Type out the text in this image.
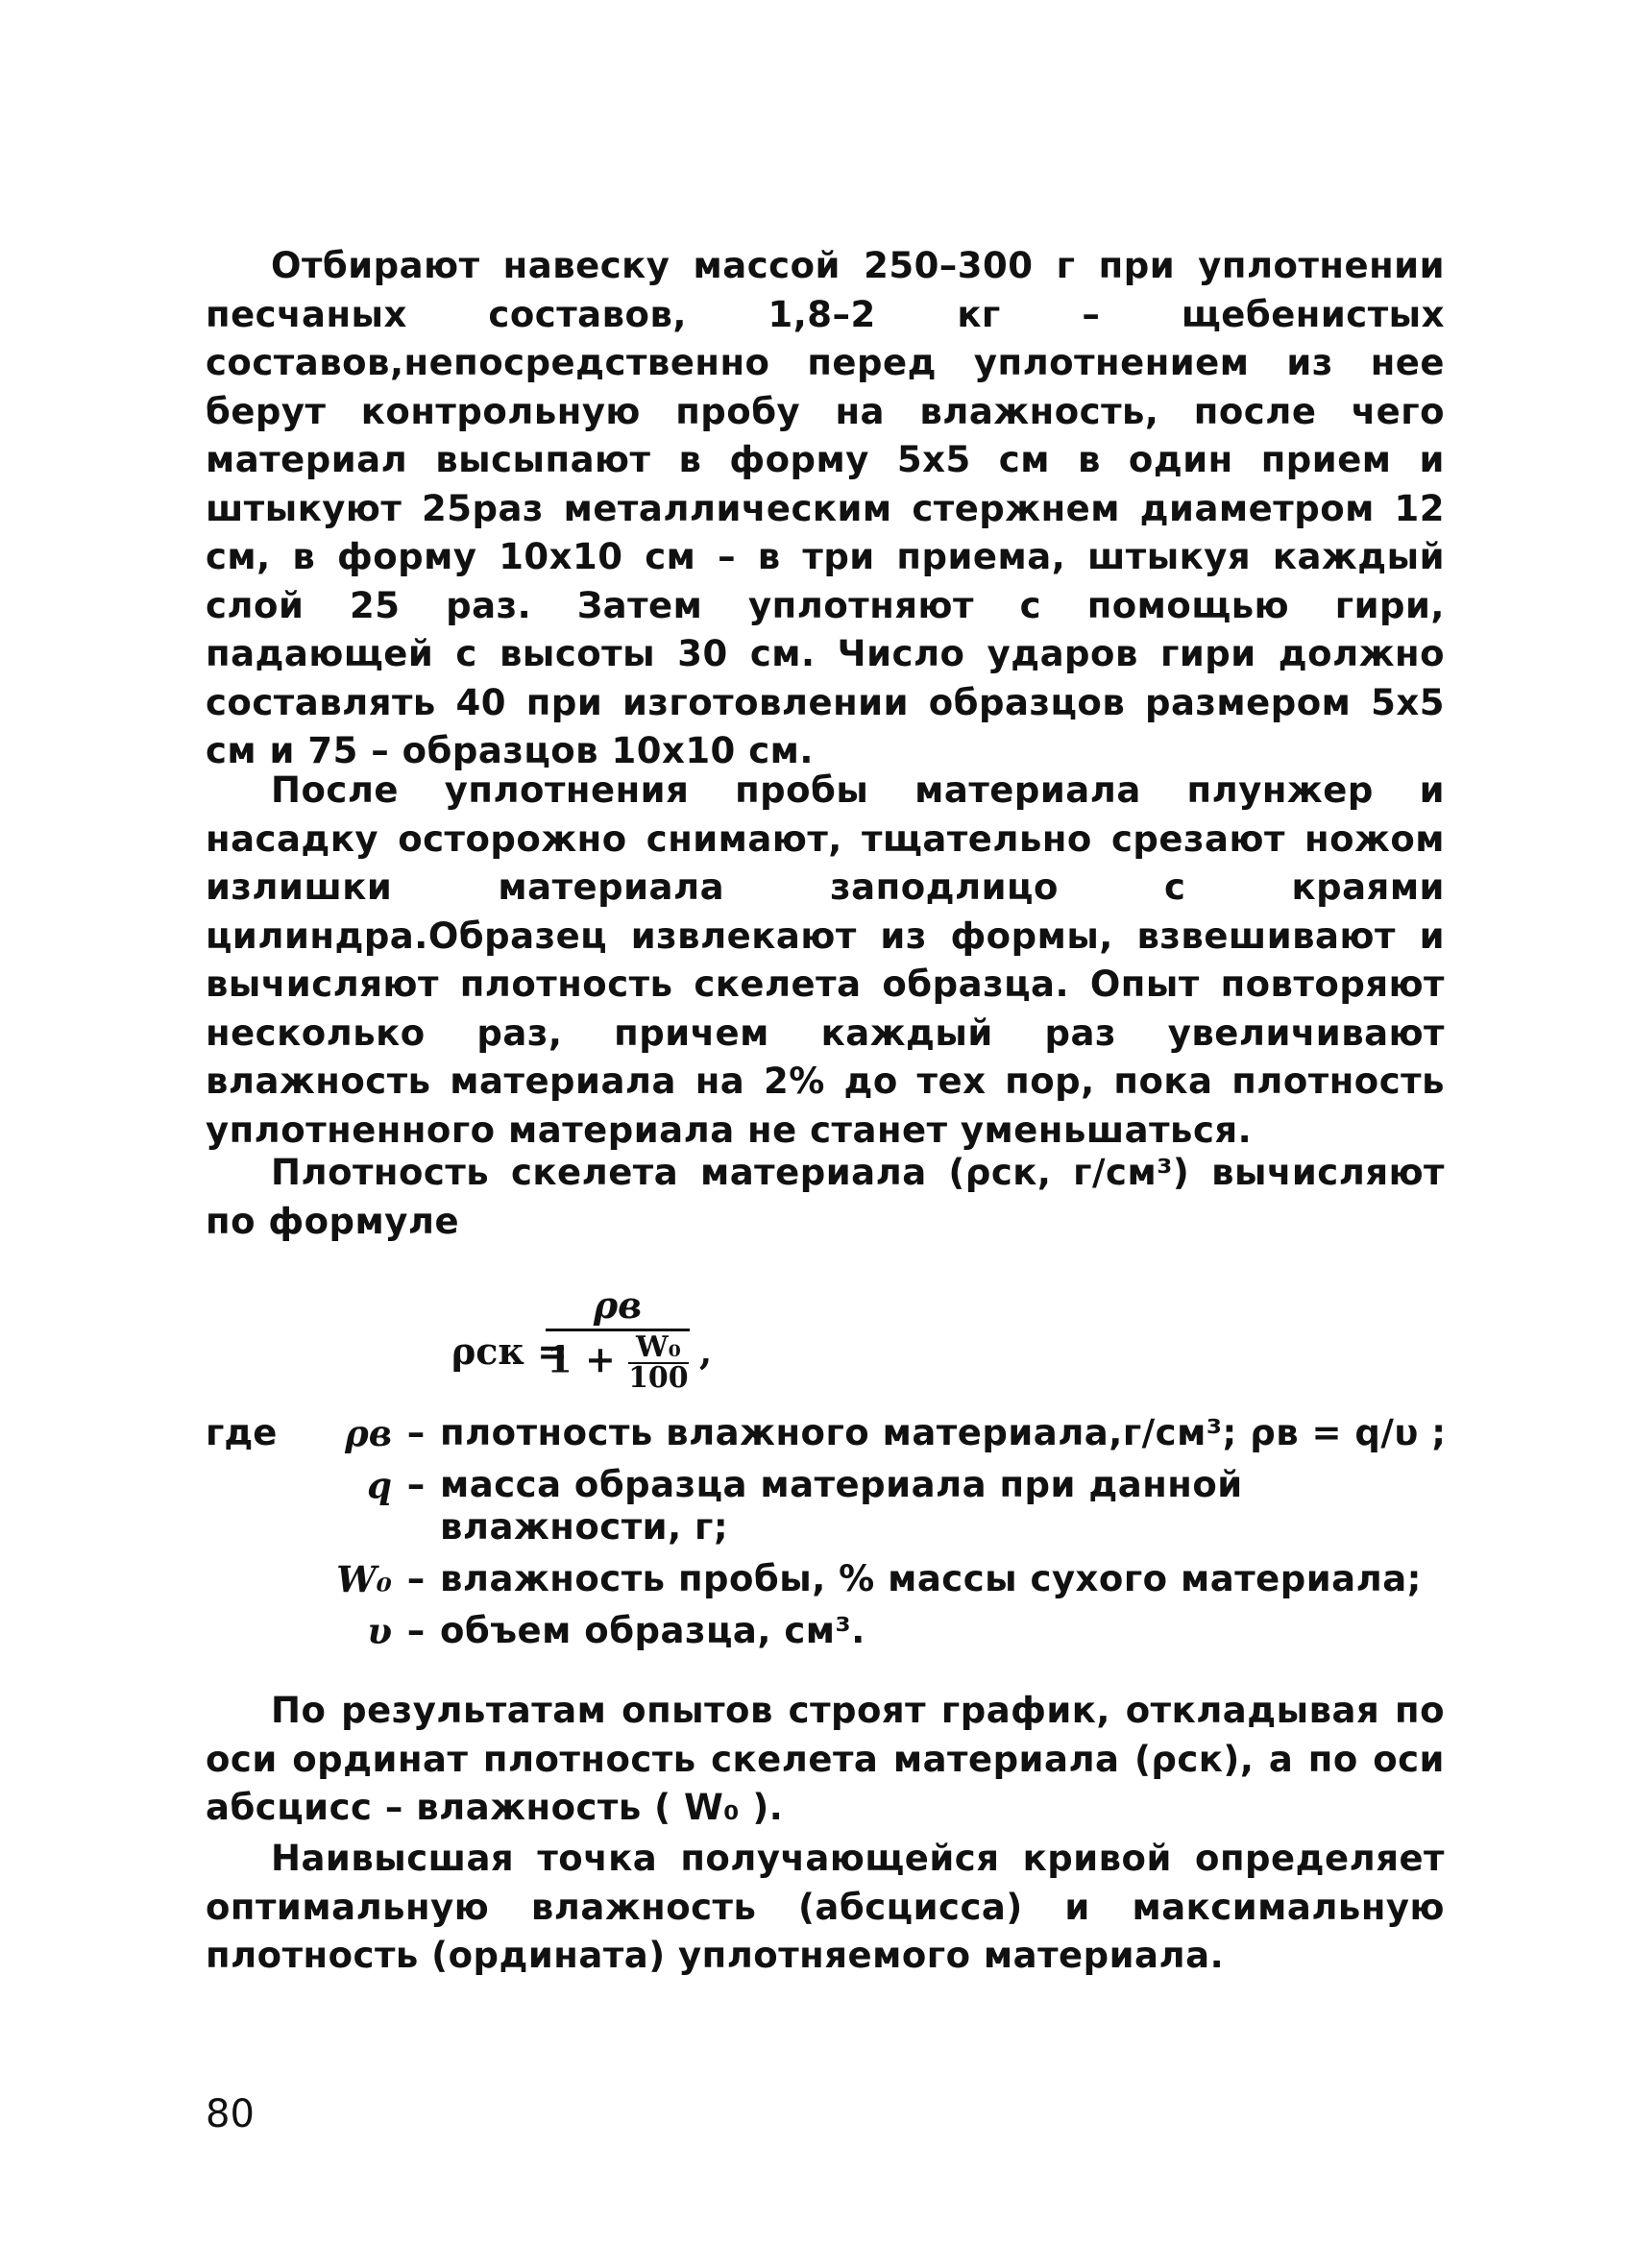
Отбирают навеску массой 250–300 г при уплотнении песчаных составов, 1,8–2 кг – щебенистых составов,непосредственно перед уплотнением из нее берут контрольную пробу на влажность, после чего материал высыпают в форму 5х5 см в один прием и штыкуют 25раз металлическим стержнем диаметром 12 см, в форму 10х10 см – в три приема, штыкуя каждый слой 25 раз. Затем уплотняют с помощью гири, падающей с высоты 30 см. Число ударов гири должно составлять 40 при изготовлении образцов размером 5х5 см и 75 – образцов 10х10 см.

После уплотнения пробы материала плунжер и насадку осторожно снимают, тщательно срезают ножом излишки материала заподлицо с краями цилиндра.Образец извлекают из формы, взвешивают и вычисляют плотность скелета образца. Опыт повторяют несколько раз, причем каждый раз увеличивают влажность материала на 2% до тех пор, пока плотность уплотненного материала не станет уменьшаться.

Плотность скелета материала (ρск, г/см³) вычисляют по формуле

ρск =
ρв
$1 + \frac{\text{W₀}}{100}$ ,
где	ρв – плотность влажного материала,г/см³; ρв = q/υ ;
q – масса образца материала при данной влажности, г;
W₀ – влажность пробы, % массы сухого материала;
υ – объем образца, см³.

По результатам опытов строят график, откладывая по оси ординат плотность скелета материала (ρск), а по оси абсцисс – влажность ( W₀ ).

Наивысшая точка получающейся кривой определяет оптимальную влажность (абсцисса) и максимальную плотность (ордината) уплотняемого материала.

80
